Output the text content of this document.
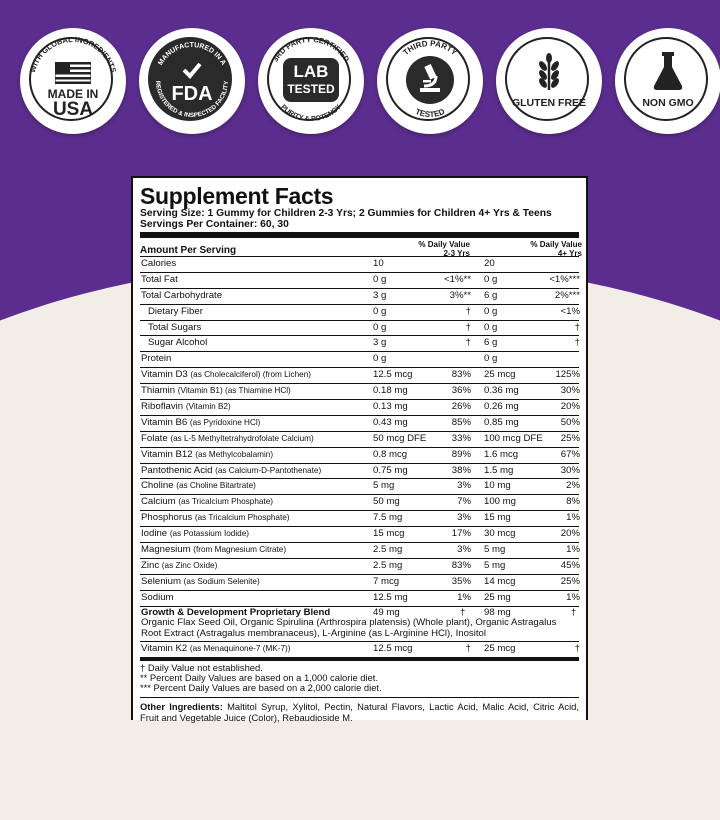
WITH GLOBAL INGREDIENTS
MADE IN
USA
MANUFACTURED IN A
REGISTERED & INSPECTED FACILITY
FDA
3RD PARTY CERTIFIED
PURITY & POTENCY
LAB
TESTED
THIRD PARTY
TESTED
GLUTEN FREE	NON GMO
Supplement Facts
Serving Size: 1 Gummy for Children 2-3 Yrs; 2 Gummies for Children 4+ Yrs & Teens
Servings Per Container: 60, 30
Amount Per Serving
% Daily Value
2-3 Yrs
% Daily Value
4+ Yrs
Calories	10	20
Total Fat	0 g	<1%** 0 g	<1%***
Total Carbohydrate	3 g	3%** 6 g	2%***
Dietary Fiber	0 g	† 0 g	<1%
Total Sugars	0 g	† 0 g	†
Sugar Alcohol	3 g	† 6 g	†
Protein	0 g	0 g
Vitamin D3 (as Cholecalciferol) (from Lichen)	12.5 mcg	83% 25 mcg	125%
Thiamin (Vitamin B1) (as Thiamine HCl)	0.18 mg	36% 0.36 mg	30%
Riboflavin (Vitamin B2)	0.13 mg	26% 0.26 mg	20%
Vitamin B6 (as Pyridoxine HCl)	0.43 mg	85% 0.85 mg	50%
Folate (as L-5 Methyltetrahydrofolate Calcium)	50 mcg DFE	33% 100 mcg DFE	25%
Vitamin B12 (as Methylcobalamin)	0.8 mcg	89% 1.6 mcg	67%
Pantothenic Acid (as Calcium-D-Pantothenate)	0.75 mg	38% 1.5 mg	30%
Choline (as Choline Bitartrate)	5 mg	3% 10 mg	2%
Calcium (as Tricalcium Phosphate)	50 mg	7% 100 mg	8%
Phosphorus (as Tricalcium Phosphate)	7.5 mg	3% 15 mg	1%
Iodine (as Potassium Iodide)	15 mcg	17% 30 mcg	20%
Magnesium (from Magnesium Citrate)	2.5 mg	3% 5 mg	1%
Zinc (as Zinc Oxide)	2.5 mg	83% 5 mg	45%
Selenium (as Sodium Selenite)	7 mcg	35% 14 mcg	25%
Sodium	12.5 mg	1% 25 mg	1%
Growth & Development Proprietary Blend	49 mg	† 98 mg	†
Organic Flax Seed Oil, Organic Spirulina (Arthrospira platensis) (Whole plant), Organic Astragalus Root Extract (Astragalus membranaceus), L-Arginine (as L-Arginine HCl), Inositol
Vitamin K2 (as Menaquinone-7 (MK-7))	12.5 mcg	† 25 mcg	†
† Daily Value not established.
** Percent Daily Values are based on a 1,000 calorie diet.
*** Percent Daily Values are based on a 2,000 calorie diet.
Other Ingredients: Maltitol Syrup, Xylitol, Pectin, Natural Flavors, Lactic Acid, Malic Acid, Citric Acid, Fruit and Vegetable Juice (Color), Rebaudioside M.
